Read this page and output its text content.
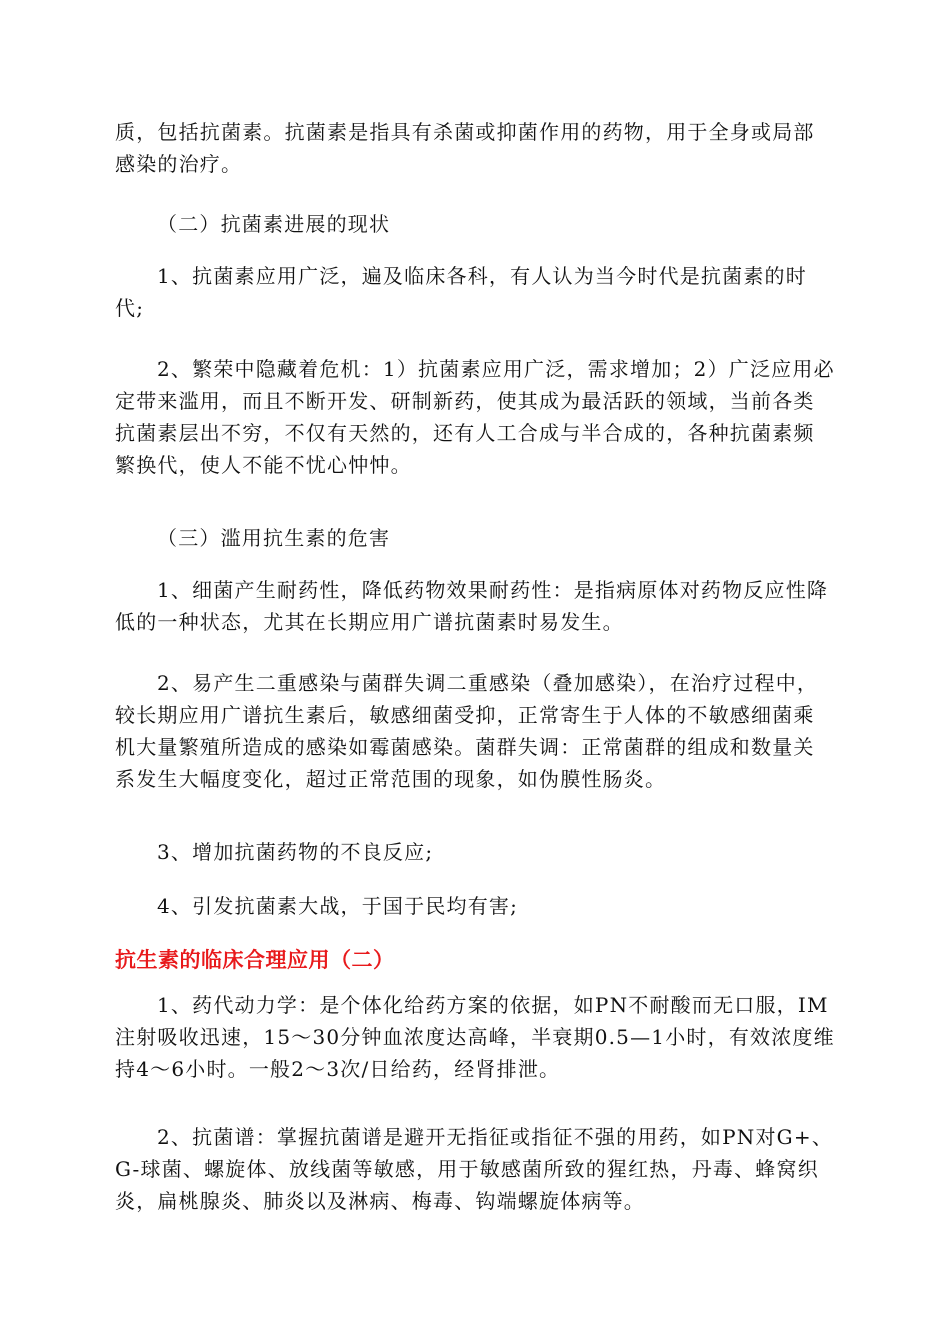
质，包括抗菌素。抗菌素是指具有杀菌或抑菌作用的药物，用于全身或局部感染的治疗。

（二）抗菌素进展的现状

1、抗菌素应用广泛，遍及临床各科，有人认为当今时代是抗菌素的时代;

2、繁荣中隐藏着危机：1）抗菌素应用广泛，需求增加；2）广泛应用必定带来滥用，而且不断开发、研制新药，使其成为最活跃的领域，当前各类抗菌素层出不穷，不仅有天然的，还有人工合成与半合成的，各种抗菌素频繁换代，使人不能不忧心忡忡。

（三）滥用抗生素的危害

1、细菌产生耐药性，降低药物效果耐药性：是指病原体对药物反应性降低的一种状态，尤其在长期应用广谱抗菌素时易发生。

2、易产生二重感染与菌群失调二重感染（叠加感染），在治疗过程中，较长期应用广谱抗生素后，敏感细菌受抑，正常寄生于人体的不敏感细菌乘机大量繁殖所造成的感染如霉菌感染。菌群失调：正常菌群的组成和数量关系发生大幅度变化，超过正常范围的现象，如伪膜性肠炎。

3、增加抗菌药物的不良反应;

4、引发抗菌素大战，于国于民均有害;

抗生素的临床合理应用（二）

1、药代动力学：是个体化给药方案的依据，如PN不耐酸而无口服，IM注射吸收迅速，15～30分钟血浓度达高峰，半衰期0.5—1小时，有效浓度维持4～6小时。一般2～3次/日给药，经肾排泄。

2、抗菌谱：掌握抗菌谱是避开无指征或指征不强的用药，如PN对G+、G-球菌、螺旋体、放线菌等敏感，用于敏感菌所致的猩红热，丹毒、蜂窝织炎，扁桃腺炎、肺炎以及淋病、梅毒、钩端螺旋体病等。
